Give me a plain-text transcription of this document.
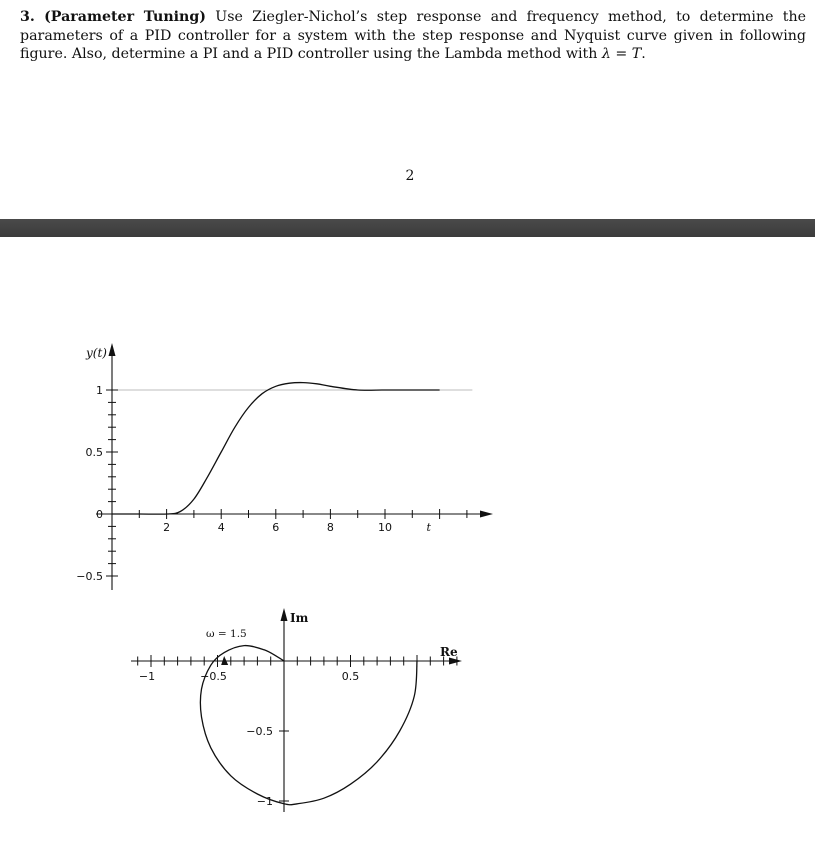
3. (Parameter Tuning) Use Ziegler-Nichol’s step response and frequency method, to determine the parameters of a PID controller for a system with the step response and Nyquist curve given in following figure. Also, determine a PI and a PID controller using the Lambda method with λ = T.
2
2	4	6	8	10	t
1
0.5
0
−0.5
y(t)
Im
Re
ω = 1.5
−1	−0.5	0.5
−0.5
−1
